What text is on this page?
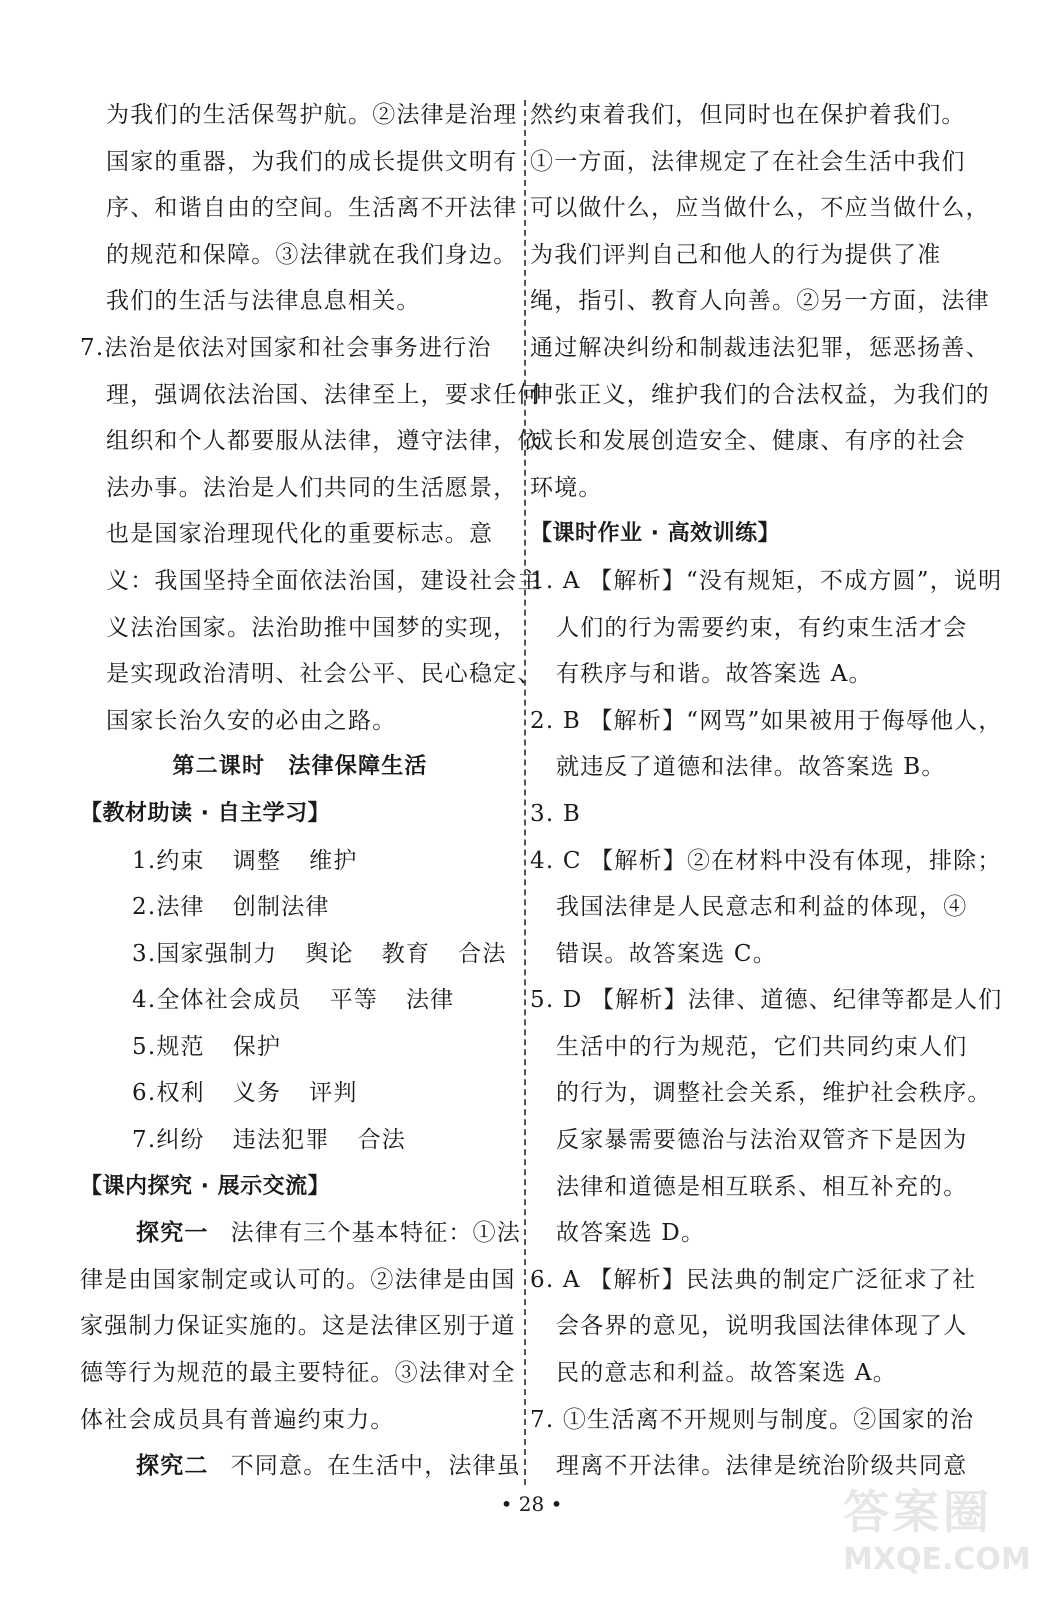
为我们的生活保驾护航。②法律是治理
国家的重器，为我们的成长提供文明有
序、和谐自由的空间。生活离不开法律
的规范和保障。③法律就在我们身边。
我们的生活与法律息息相关。
7.法治是依法对国家和社会事务进行治
理，强调依法治国、法律至上，要求任何
组织和个人都要服从法律，遵守法律，依
法办事。法治是人们共同的生活愿景，
也是国家治理现代化的重要标志。意
义：我国坚持全面依法治国，建设社会主
义法治国家。法治助推中国梦的实现，
是实现政治清明、社会公平、民心稳定、
国家长治久安的必由之路。
第二课时　法律保障生活
【教材助读 · 自主学习】
1.约束 调整 维护
2.法律 创制法律
3.国家强制力 舆论 教育 合法
4.全体社会成员 平等 法律
5.规范 保护
6.权利 义务 评判
7.纠纷 违法犯罪 合法
【课内探究 · 展示交流】
探究一 法律有三个基本特征：①法
律是由国家制定或认可的。②法律是由国
家强制力保证实施的。这是法律区别于道
德等行为规范的最主要特征。③法律对全
体社会成员具有普遍约束力。
探究二 不同意。在生活中，法律虽
然约束着我们，但同时也在保护着我们。
①一方面，法律规定了在社会生活中我们
可以做什么，应当做什么，不应当做什么，
为我们评判自己和他人的行为提供了准
绳，指引、教育人向善。②另一方面，法律
通过解决纠纷和制裁违法犯罪，惩恶扬善、
伸张正义，维护我们的合法权益，为我们的
成长和发展创造安全、健康、有序的社会
环境。
【课时作业 · 高效训练】
1. A 【解析】“没有规矩，不成方圆”，说明
人们的行为需要约束，有约束生活才会
有秩序与和谐。故答案选 A。
2. B 【解析】“网骂”如果被用于侮辱他人，
就违反了道德和法律。故答案选 B。
3. B
4. C 【解析】②在材料中没有体现，排除；
我国法律是人民意志和利益的体现，④
错误。故答案选 C。
5. D 【解析】法律、道德、纪律等都是人们
生活中的行为规范，它们共同约束人们
的行为，调整社会关系，维护社会秩序。
反家暴需要德治与法治双管齐下是因为
法律和道德是相互联系、相互补充的。
故答案选 D。
6. A 【解析】民法典的制定广泛征求了社
会各界的意见，说明我国法律体现了人
民的意志和利益。故答案选 A。
7. ①生活离不开规则与制度。②国家的治
理离不开法律。法律是统治阶级共同意
• 28 •	答案圈
MXQE.COM
